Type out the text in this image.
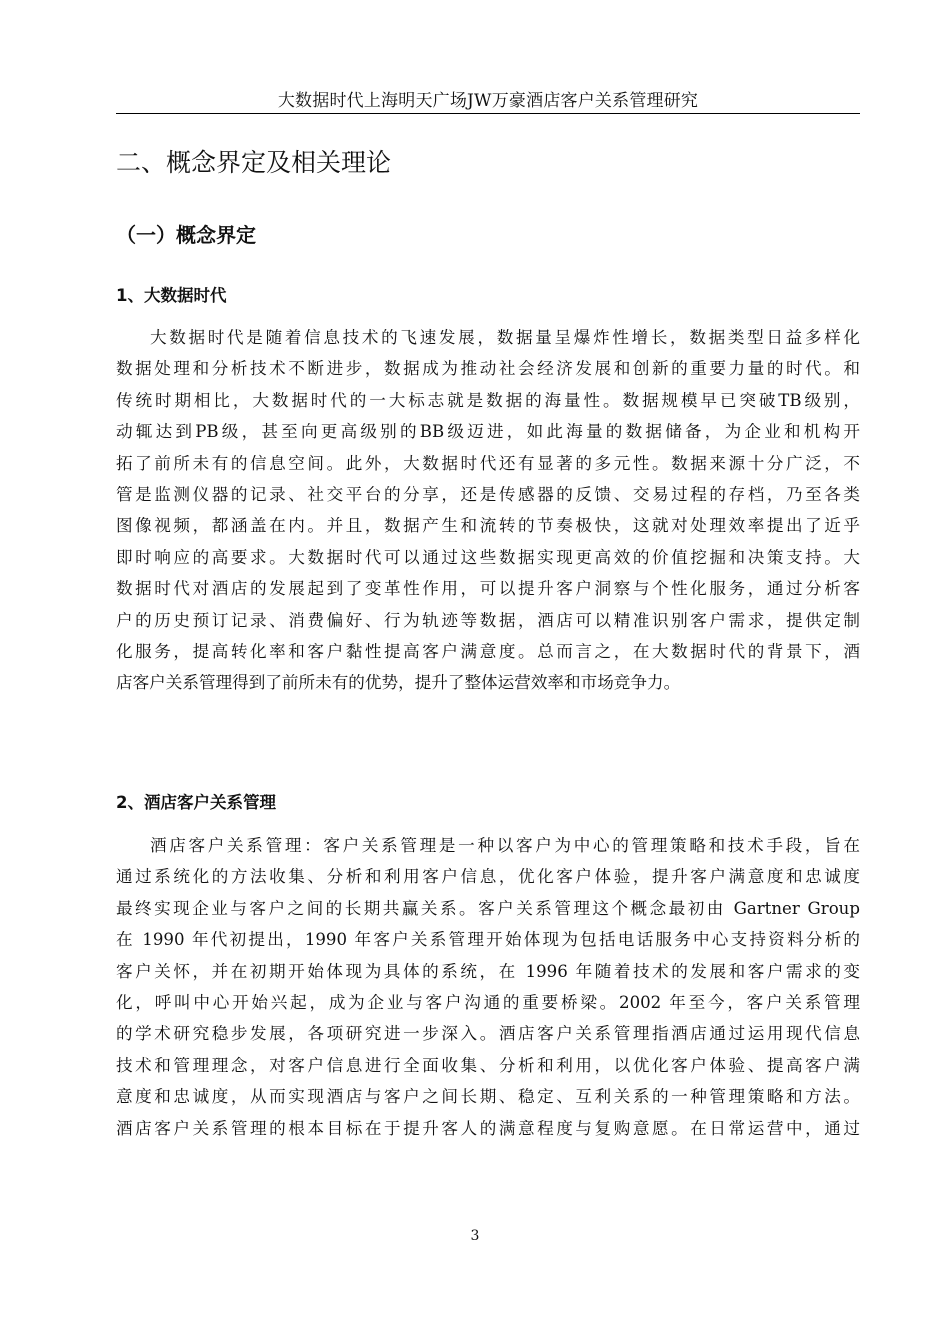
大数据时代上海明天广场JW万豪酒店客户关系管理研究
二、概念界定及相关理论
（一）概念界定
1、大数据时代
大数据时代是随着信息技术的飞速发展，数据量呈爆炸性增长，数据类型日益多样化
数据处理和分析技术不断进步，数据成为推动社会经济发展和创新的重要力量的时代。和
传统时期相比，大数据时代的一大标志就是数据的海量性。数据规模早已突破TB级别，
动辄达到PB级，甚至向更高级别的BB级迈进，如此海量的数据储备，为企业和机构开
拓了前所未有的信息空间。此外，大数据时代还有显著的多元性。数据来源十分广泛，不
管是监测仪器的记录、社交平台的分享，还是传感器的反馈、交易过程的存档，乃至各类
图像视频，都涵盖在内。并且，数据产生和流转的节奏极快，这就对处理效率提出了近乎
即时响应的高要求。大数据时代可以通过这些数据实现更高效的价值挖掘和决策支持。大
数据时代对酒店的发展起到了变革性作用，可以提升客户洞察与个性化服务，通过分析客
户的历史预订记录、消费偏好、行为轨迹等数据，酒店可以精准识别客户需求，提供定制
化服务，提高转化率和客户黏性提高客户满意度。总而言之，在大数据时代的背景下，酒
店客户关系管理得到了前所未有的优势，提升了整体运营效率和市场竞争力。
2、酒店客户关系管理
酒店客户关系管理：客户关系管理是一种以客户为中心的管理策略和技术手段，旨在
通过系统化的方法收集、分析和利用客户信息，优化客户体验，提升客户满意度和忠诚度
最终实现企业与客户之间的长期共赢关系。客户关系管理这个概念最初由 Gartner Group
在 1990 年代初提出，1990 年客户关系管理开始体现为包括电话服务中心支持资料分析的
客户关怀，并在初期开始体现为具体的系统，在 1996 年随着技术的发展和客户需求的变
化，呼叫中心开始兴起，成为企业与客户沟通的重要桥梁。2002 年至今，客户关系管理
的学术研究稳步发展，各项研究进一步深入。酒店客户关系管理指酒店通过运用现代信息
技术和管理理念，对客户信息进行全面收集、分析和利用，以优化客户体验、提高客户满
意度和忠诚度，从而实现酒店与客户之间长期、稳定、互利关系的一种管理策略和方法。
酒店客户关系管理的根本目标在于提升客人的满意程度与复购意愿。在日常运营中，通过
3
